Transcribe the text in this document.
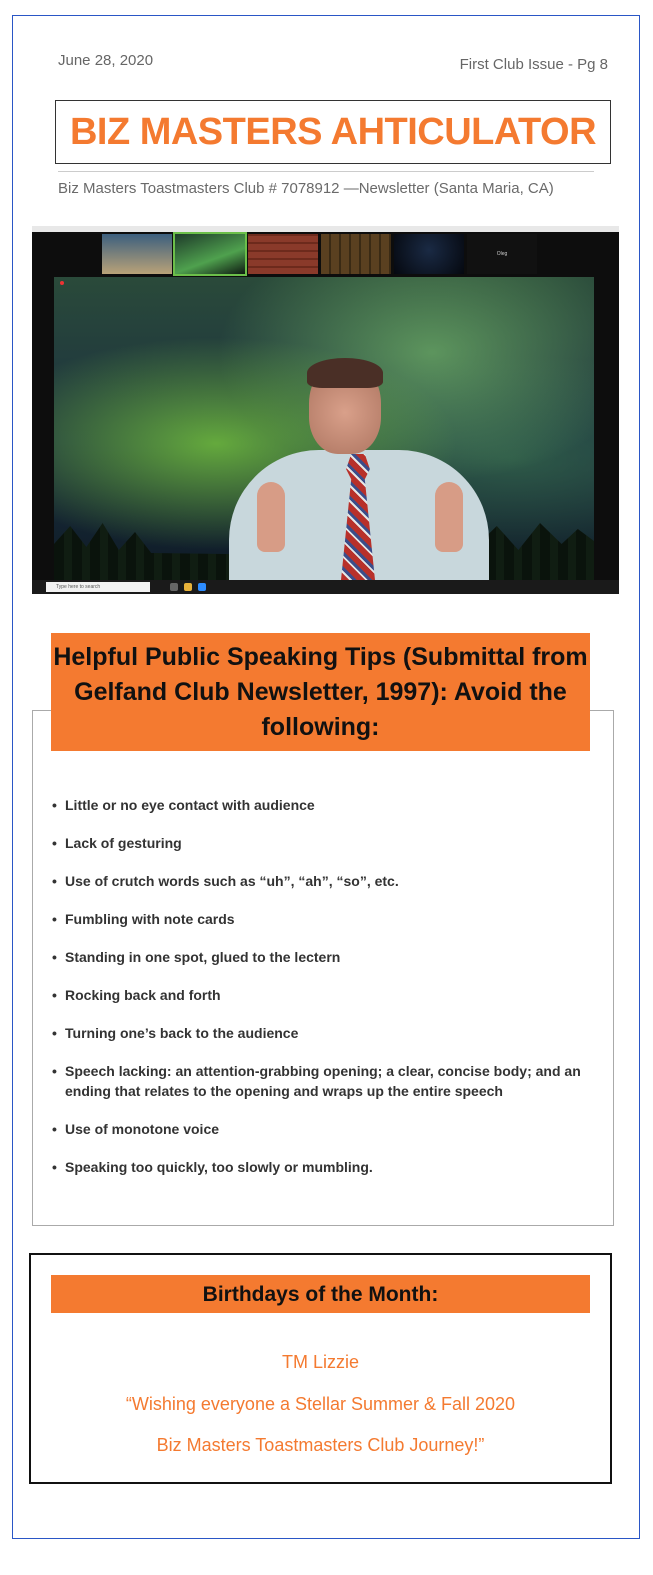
June 28, 2020	First Club Issue - Pg 8
BIZ MASTERS AHTICULATOR
Biz Masters Toastmasters Club # 7078912 —Newsletter (Santa Maria, CA)
Oleg
Type here to search
Helpful Public Speaking Tips (Submittal from Gelfand Club Newsletter, 1997): Avoid the following:
• Little or no eye contact with audience
• Lack of gesturing
• Use of crutch words such as “uh”, “ah”, “so”, etc.
• Fumbling with note cards
• Standing in one spot, glued to the lectern
• Rocking back and forth
• Turning one’s back to the audience
• Speech lacking: an attention-grabbing opening; a clear, concise body; and an ending that relates to the opening and wraps up the entire speech
• Use of monotone voice
• Speaking too quickly, too slowly or mumbling.
Birthdays of the Month:
TM Lizzie
“Wishing everyone a Stellar Summer & Fall 2020
Biz Masters Toastmasters Club Journey!”
